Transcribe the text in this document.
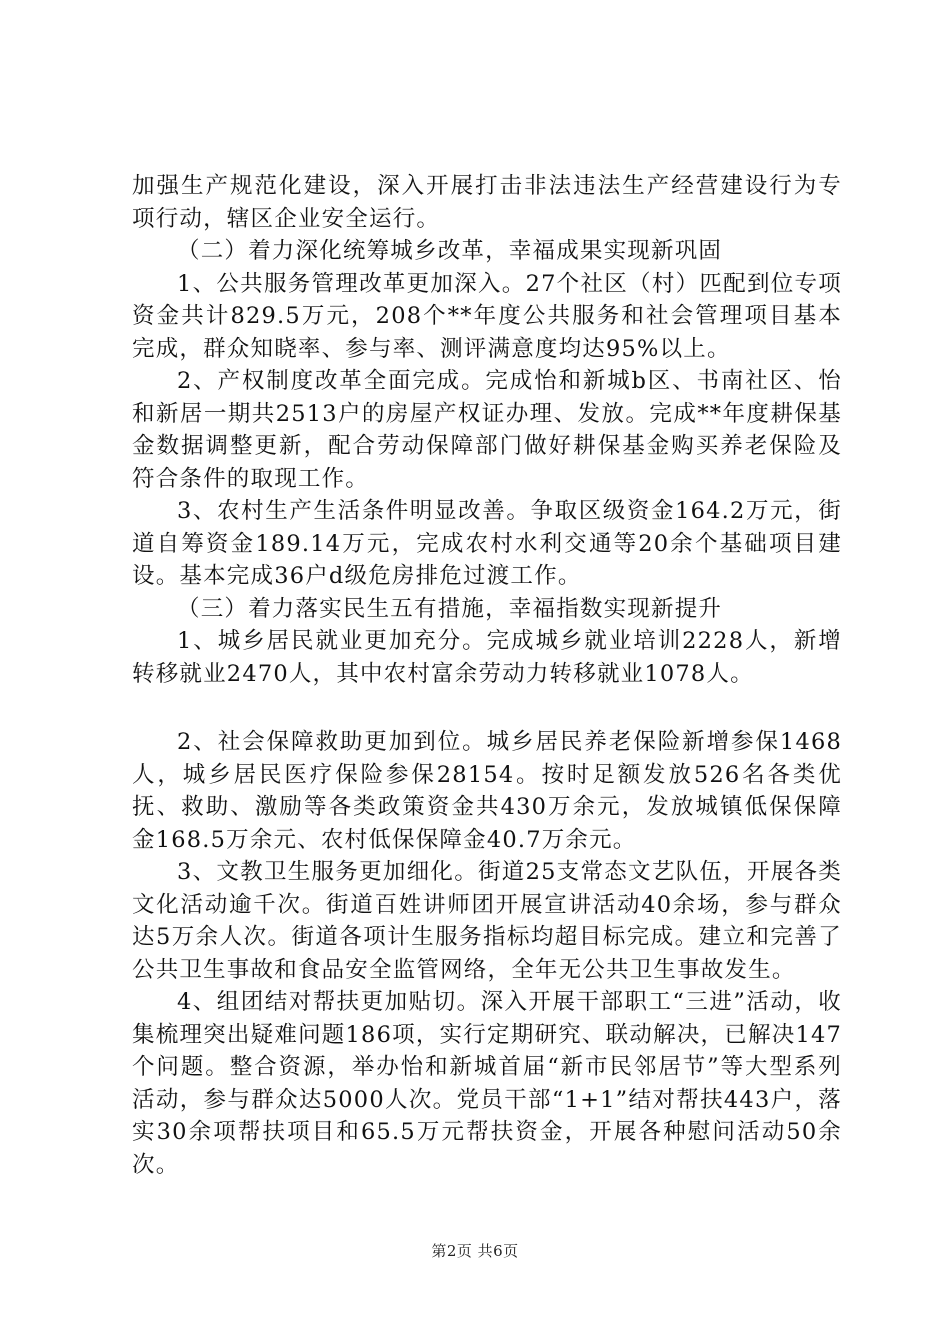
加强生产规范化建设，深入开展打击非法违法生产经营建设行为专项行动，辖区企业安全运行。

（二）着力深化统筹城乡改革，幸福成果实现新巩固

1、公共服务管理改革更加深入。27个社区（村）匹配到位专项资金共计829.5万元，208个**年度公共服务和社会管理项目基本完成，群众知晓率、参与率、测评满意度均达95%以上。

2、产权制度改革全面完成。完成怡和新城b区、书南社区、怡和新居一期共2513户的房屋产权证办理、发放。完成**年度耕保基金数据调整更新，配合劳动保障部门做好耕保基金购买养老保险及符合条件的取现工作。

3、农村生产生活条件明显改善。争取区级资金164.2万元，街道自筹资金189.14万元，完成农村水利交通等20余个基础项目建设。基本完成36户d级危房排危过渡工作。

（三）着力落实民生五有措施，幸福指数实现新提升

1、城乡居民就业更加充分。完成城乡就业培训2228人，新增转移就业2470人，其中农村富余劳动力转移就业1078人。

2、社会保障救助更加到位。城乡居民养老保险新增参保1468人，城乡居民医疗保险参保28154。按时足额发放526名各类优抚、救助、激励等各类政策资金共430万余元，发放城镇低保保障金168.5万余元、农村低保保障金40.7万余元。

3、文教卫生服务更加细化。街道25支常态文艺队伍，开展各类文化活动逾千次。街道百姓讲师团开展宣讲活动40余场，参与群众达5万余人次。街道各项计生服务指标均超目标完成。建立和完善了公共卫生事故和食品安全监管网络，全年无公共卫生事故发生。

4、组团结对帮扶更加贴切。深入开展干部职工“三进”活动，收集梳理突出疑难问题186项，实行定期研究、联动解决，已解决147个问题。整合资源，举办怡和新城首届“新市民邻居节”等大型系列活动，参与群众达5000人次。党员干部“1+1”结对帮扶443户，落实30余项帮扶项目和65.5万元帮扶资金，开展各种慰问活动50余次。

第2页 共6页
